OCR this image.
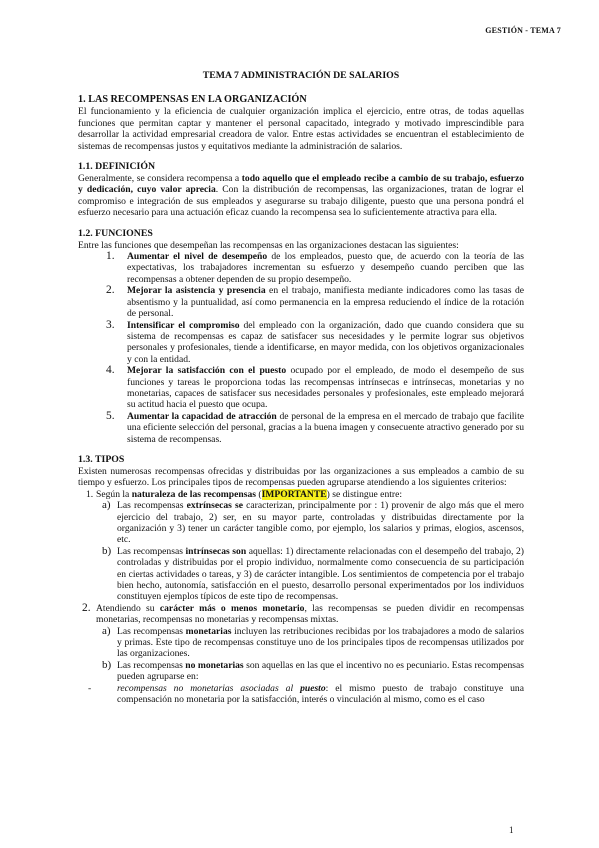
GESTIÓN - TEMA 7
TEMA 7 ADMINISTRACIÓN DE SALARIOS
1. LAS RECOMPENSAS EN LA ORGANIZACIÓN

El funcionamiento y la eficiencia de cualquier organización implica el ejercicio, entre otras, de todas aquellas funciones que permitan captar y mantener el personal capacitado, integrado y motivado imprescindible para desarrollar la actividad empresarial creadora de valor. Entre estas actividades se encuentran el establecimiento de sistemas de recompensas justos y equitativos mediante la administración de salarios.

1.1. DEFINICIÓN

Generalmente, se considera recompensa a todo aquello que el empleado recibe a cambio de su trabajo, esfuerzo y dedicación, cuyo valor aprecia. Con la distribución de recompensas, las organizaciones, tratan de lograr el compromiso e integración de sus empleados y asegurarse su trabajo diligente, puesto que una persona pondrá el esfuerzo necesario para una actuación eficaz cuando la recompensa sea lo suficientemente atractiva para ella.

1.2. FUNCIONES

Entre las funciones que desempeñan las recompensas en las organizaciones destacan las siguientes:

1. Aumentar el nivel de desempeño de los empleados, puesto que, de acuerdo con la teoría de las expectativas, los trabajadores incrementan su esfuerzo y desempeño cuando perciben que las recompensas a obtener dependen de su propio desempeño.
2. Mejorar la asistencia y presencia en el trabajo, manifiesta mediante indicadores como las tasas de absentismo y la puntualidad, así como permanencia en la empresa reduciendo el índice de la rotación de personal.
3. Intensificar el compromiso del empleado con la organización, dado que cuando considera que su sistema de recompensas es capaz de satisfacer sus necesidades y le permite lograr sus objetivos personales y profesionales, tiende a identificarse, en mayor medida, con los objetivos organizacionales y con la entidad.
4. Mejorar la satisfacción con el puesto ocupado por el empleado, de modo el desempeño de sus funciones y tareas le proporciona todas las recompensas intrínsecas e intrínsecas, monetarias y no monetarias, capaces de satisfacer sus necesidades personales y profesionales, este empleado mejorará su actitud hacia el puesto que ocupa.
5. Aumentar la capacidad de atracción de personal de la empresa en el mercado de trabajo que facilite una eficiente selección del personal, gracias a la buena imagen y consecuente atractivo generado por su sistema de recompensas.
1.3. TIPOS

Existen numerosas recompensas ofrecidas y distribuidas por las organizaciones a sus empleados a cambio de su tiempo y esfuerzo. Los principales tipos de recompensas pueden agruparse atendiendo a los siguientes criterios:

1. Según la naturaleza de las recompensas (IMPORTANTE) se distingue entre:
a) Las recompensas extrínsecas se caracterizan, principalmente por : 1) provenir de algo más que el mero ejercicio del trabajo, 2) ser, en su mayor parte, controladas y distribuidas directamente por la organización y 3) tener un carácter tangible como, por ejemplo, los salarios y primas, elogios, ascensos, etc.
b) Las recompensas intrínsecas son aquellas: 1) directamente relacionadas con el desempeño del trabajo, 2) controladas y distribuidas por el propio individuo, normalmente como consecuencia de su participación en ciertas actividades o tareas, y 3) de carácter intangible. Los sentimientos de competencia por el trabajo bien hecho, autonomía, satisfacción en el puesto, desarrollo personal experimentados por los individuos constituyen ejemplos típicos de este tipo de recompensas.
2. Atendiendo su carácter más o menos monetario, las recompensas se pueden dividir en recompensas monetarias, recompensas no monetarias y recompensas mixtas.
a) Las recompensas monetarias incluyen las retribuciones recibidas por los trabajadores a modo de salarios y primas. Este tipo de recompensas constituye uno de los principales tipos de recompensas utilizados por las organizaciones.
b) Las recompensas no monetarias son aquellas en las que el incentivo no es pecuniario. Estas recompensas pueden agruparse en:
-	recompensas no monetarias asociadas al puesto: el mismo puesto de trabajo constituye una compensación no monetaria por la satisfacción, interés o vinculación al mismo, como es el caso
1
